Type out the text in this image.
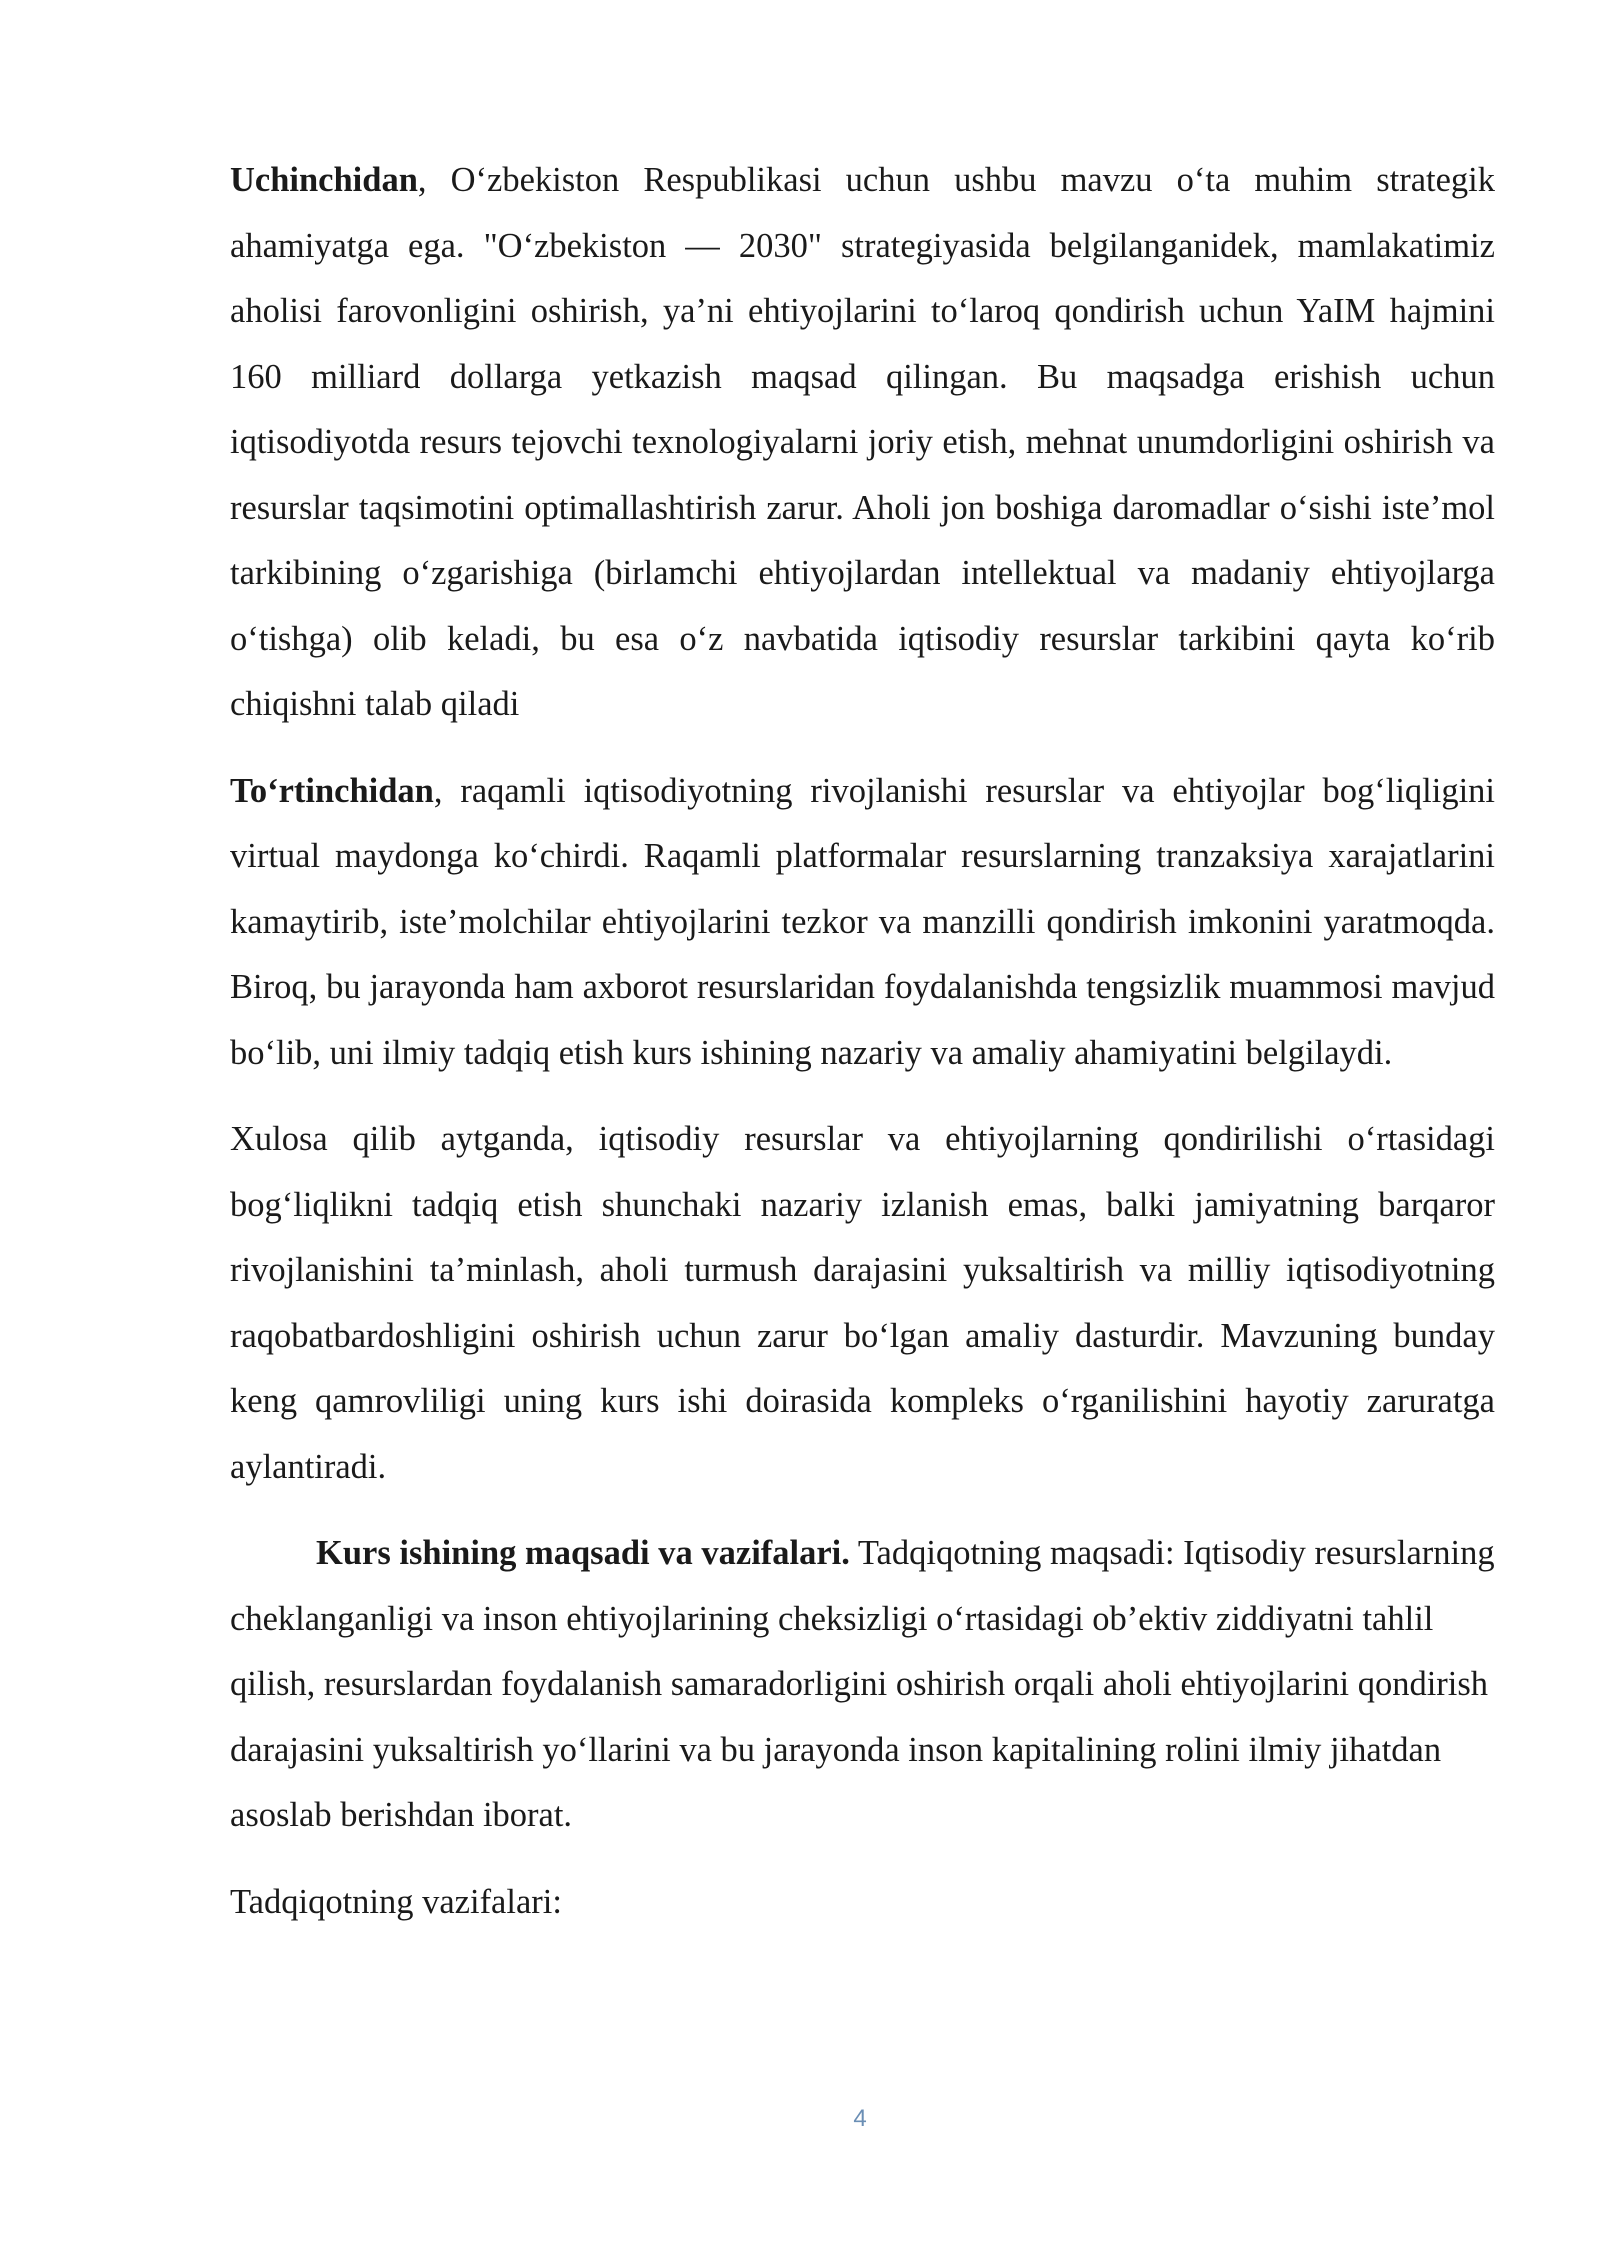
Uchinchidan, O‘zbekiston Respublikasi uchun ushbu mavzu o‘ta muhim strategik ahamiyatga ega. "O‘zbekiston — 2030" strategiyasida belgilanganidek, mamlakatimiz aholisi farovonligini oshirish, ya’ni ehtiyojlarini to‘laroq qondirish uchun YaIM hajmini 160 milliard dollarga yetkazish maqsad qilingan. Bu maqsadga erishish uchun iqtisodiyotda resurs tejovchi texnologiyalarni joriy etish, mehnat unumdorligini oshirish va resurslar taqsimotini optimallashtirish zarur. Aholi jon boshiga daromadlar o‘sishi iste’mol tarkibining o‘zgarishiga (birlamchi ehtiyojlardan intellektual va madaniy ehtiyojlarga o‘tishga) olib keladi, bu esa o‘z navbatida iqtisodiy resurslar tarkibini qayta ko‘rib chiqishni talab qiladi

To‘rtinchidan, raqamli iqtisodiyotning rivojlanishi resurslar va ehtiyojlar bog‘liqligini virtual maydonga ko‘chirdi. Raqamli platformalar resurslarning tranzaksiya xarajatlarini kamaytirib, iste’molchilar ehtiyojlarini tezkor va manzilli qondirish imkonini yaratmoqda. Biroq, bu jarayonda ham axborot resurslaridan foydalanishda tengsizlik muammosi mavjud bo‘lib, uni ilmiy tadqiq etish kurs ishining nazariy va amaliy ahamiyatini belgilaydi.

Xulosa qilib aytganda, iqtisodiy resurslar va ehtiyojlarning qondirilishi o‘rtasidagi bog‘liqlikni tadqiq etish shunchaki nazariy izlanish emas, balki jamiyatning barqaror rivojlanishini ta’minlash, aholi turmush darajasini yuksaltirish va milliy iqtisodiyotning raqobatbardoshligini oshirish uchun zarur bo‘lgan amaliy dasturdir. Mavzuning bunday keng qamrovliligi uning kurs ishi doirasida kompleks o‘rganilishini hayotiy zaruratga aylantiradi.

Kurs ishining maqsadi va vazifalari. Tadqiqotning maqsadi: Iqtisodiy resurslarning cheklanganligi va inson ehtiyojlarining cheksizligi o‘rtasidagi ob’ektiv ziddiyatni tahlil qilish, resurslardan foydalanish samaradorligini oshirish orqali aholi ehtiyojlarini qondirish darajasini yuksaltirish yo‘llarini va bu jarayonda inson kapitalining rolini ilmiy jihatdan asoslab berishdan iborat.

Tadqiqotning vazifalari:

4
